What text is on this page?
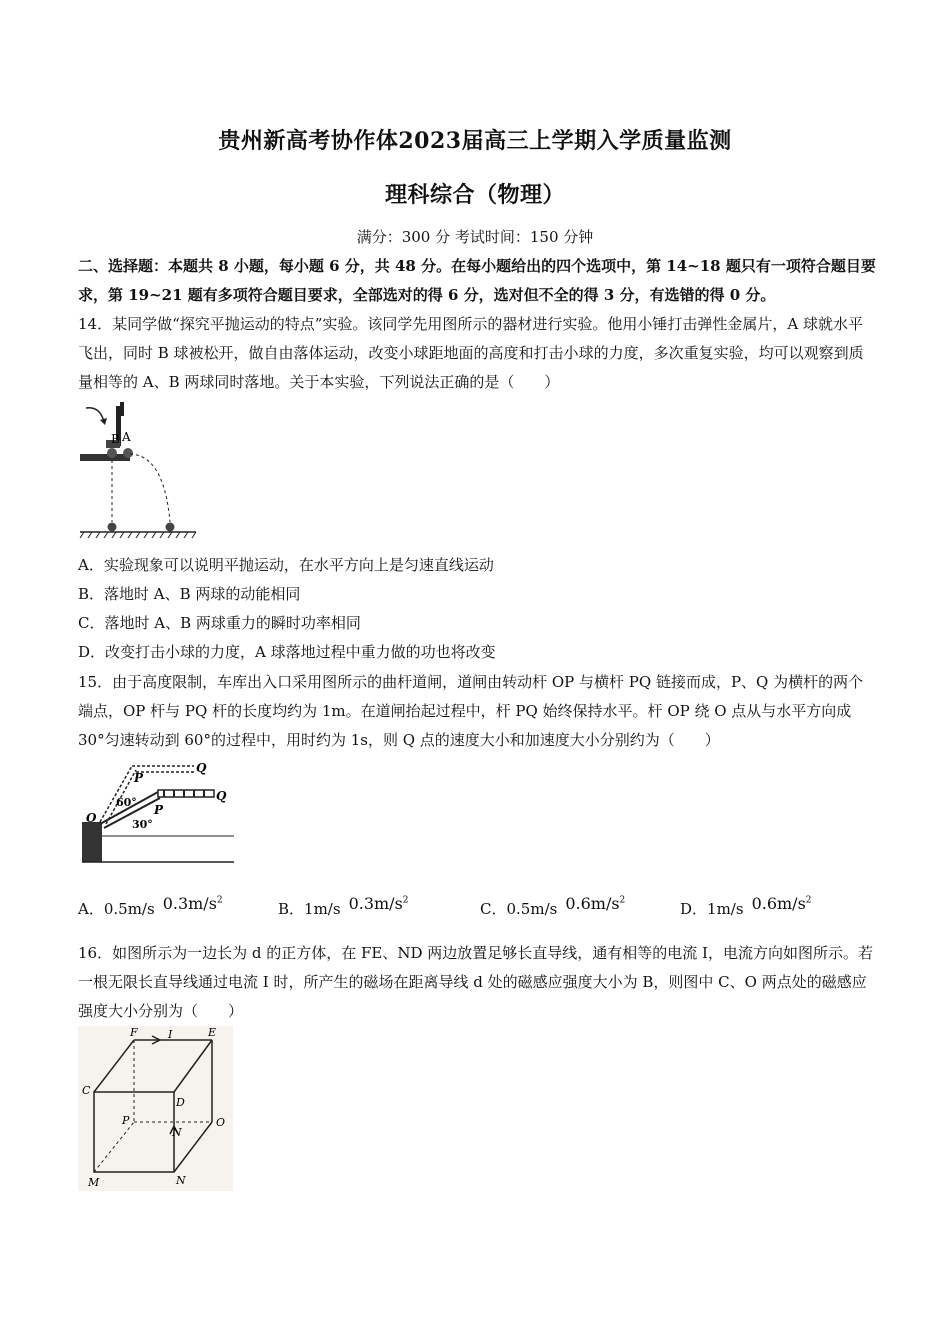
贵州新高考协作体2023届高三上学期入学质量监测
理科综合（物理）
满分：300 分 考试时间：150 分钟
二、选择题：本题共 8 小题，每小题 6 分，共 48 分。在每小题给出的四个选项中，第 14~18 题只有一项符合题目要求，第 19~21 题有多项符合题目要求，全部选对的得 6 分，选对但不全的得 3 分，有选错的得 0 分。
14．某同学做“探究平抛运动的特点”实验。该同学先用图所示的器材进行实验。他用小锤打击弹性金属片，A 球就水平飞出，同时 B 球被松开，做自由落体运动，改变小球距地面的高度和打击小球的力度，多次重复实验，均可以观察到质量相等的 A、B 两球同时落地。关于本实验，下列说法正确的是（　　）
B A
A．实验现象可以说明平抛运动，在水平方向上是匀速直线运动
B．落地时 A、B 两球的动能相同
C．落地时 A、B 两球重力的瞬时功率相同
D．改变打击小球的力度，A 球落地过程中重力做的功也将改变
15．由于高度限制，车库出入口采用图所示的曲杆道闸，道闸由转动杆 OP 与横杆 PQ 链接而成，P、Q 为横杆的两个端点，OP 杆与 PQ 杆的长度均约为 1m。在道闸抬起过程中，杆 PQ 始终保持水平。杆 OP 绕 O 点从与水平方向成 30°匀速转动到 60°的过程中，用时约为 1s，则 Q 点的速度大小和加速度大小分别约为（　　）
P
Q
P
Q
O
60°
30°
A．0.5m/s $0.3m/s^2$	B．1m/s $0.3m/s^2$	C．0.5m/s $0.6m/s^2$	D．1m/s $0.6m/s^2$
16．如图所示为一边长为 d 的正方体，在 FE、ND 两边放置足够长直导线，通有相等的电流 I，电流方向如图所示。若一根无限长直导线通过电流 I 时，所产生的磁场在距离导线 d 处的磁感应强度大小为 B，则图中 C、O 两点处的磁感应强度大小分别为（　　）
F	I	E
C
D
P
N
O
M	N
